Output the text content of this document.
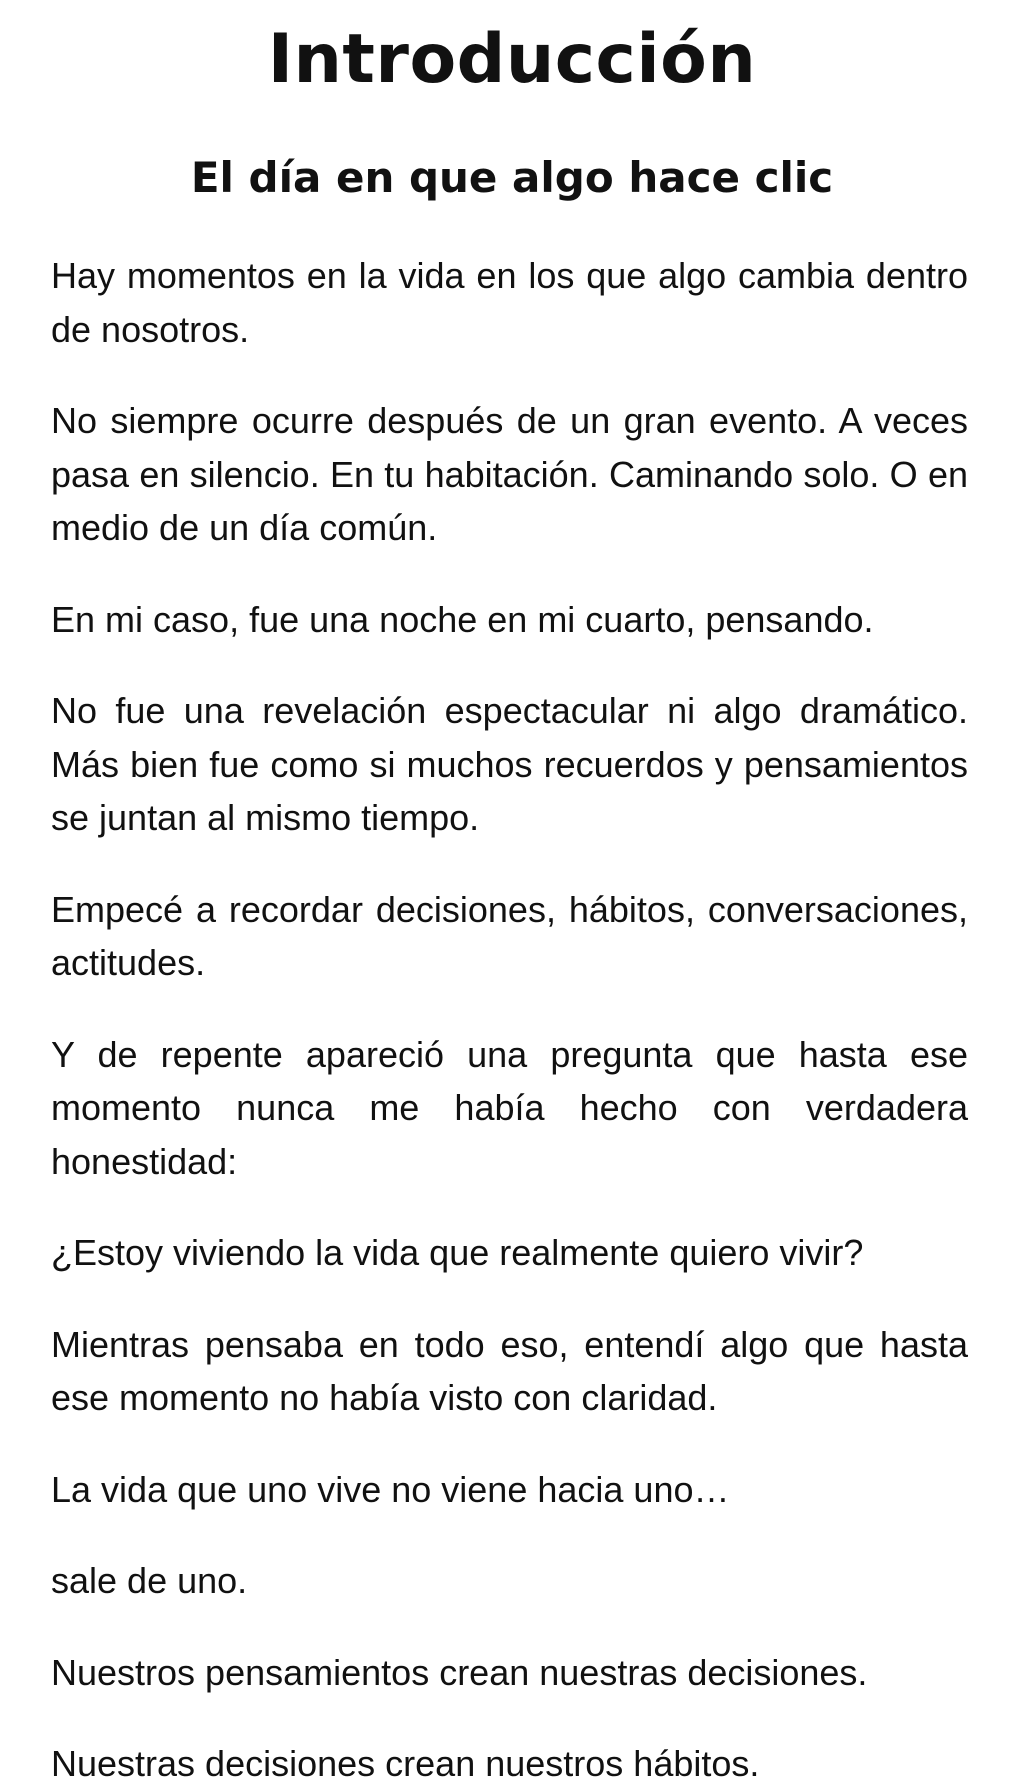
Introducción
El día en que algo hace clic

Hay momentos en la vida en los que algo cambia dentro de nosotros.

No siempre ocurre después de un gran evento. A veces pasa en silencio. En tu habitación. Caminando solo. O en medio de un día común.

En mi caso, fue una noche en mi cuarto, pensando.

No fue una revelación espectacular ni algo dramático. Más bien fue como si muchos recuerdos y pensamientos se juntan al mismo tiempo.

Empecé a recordar decisiones, hábitos, conversaciones, actitudes.

Y de repente apareció una pregunta que hasta ese momento nunca me había hecho con verdadera honestidad:

¿Estoy viviendo la vida que realmente quiero vivir?

Mientras pensaba en todo eso, entendí algo que hasta ese momento no había visto con claridad.

La vida que uno vive no viene hacia uno…

sale de uno.

Nuestros pensamientos crean nuestras decisiones.

Nuestras decisiones crean nuestros hábitos.
